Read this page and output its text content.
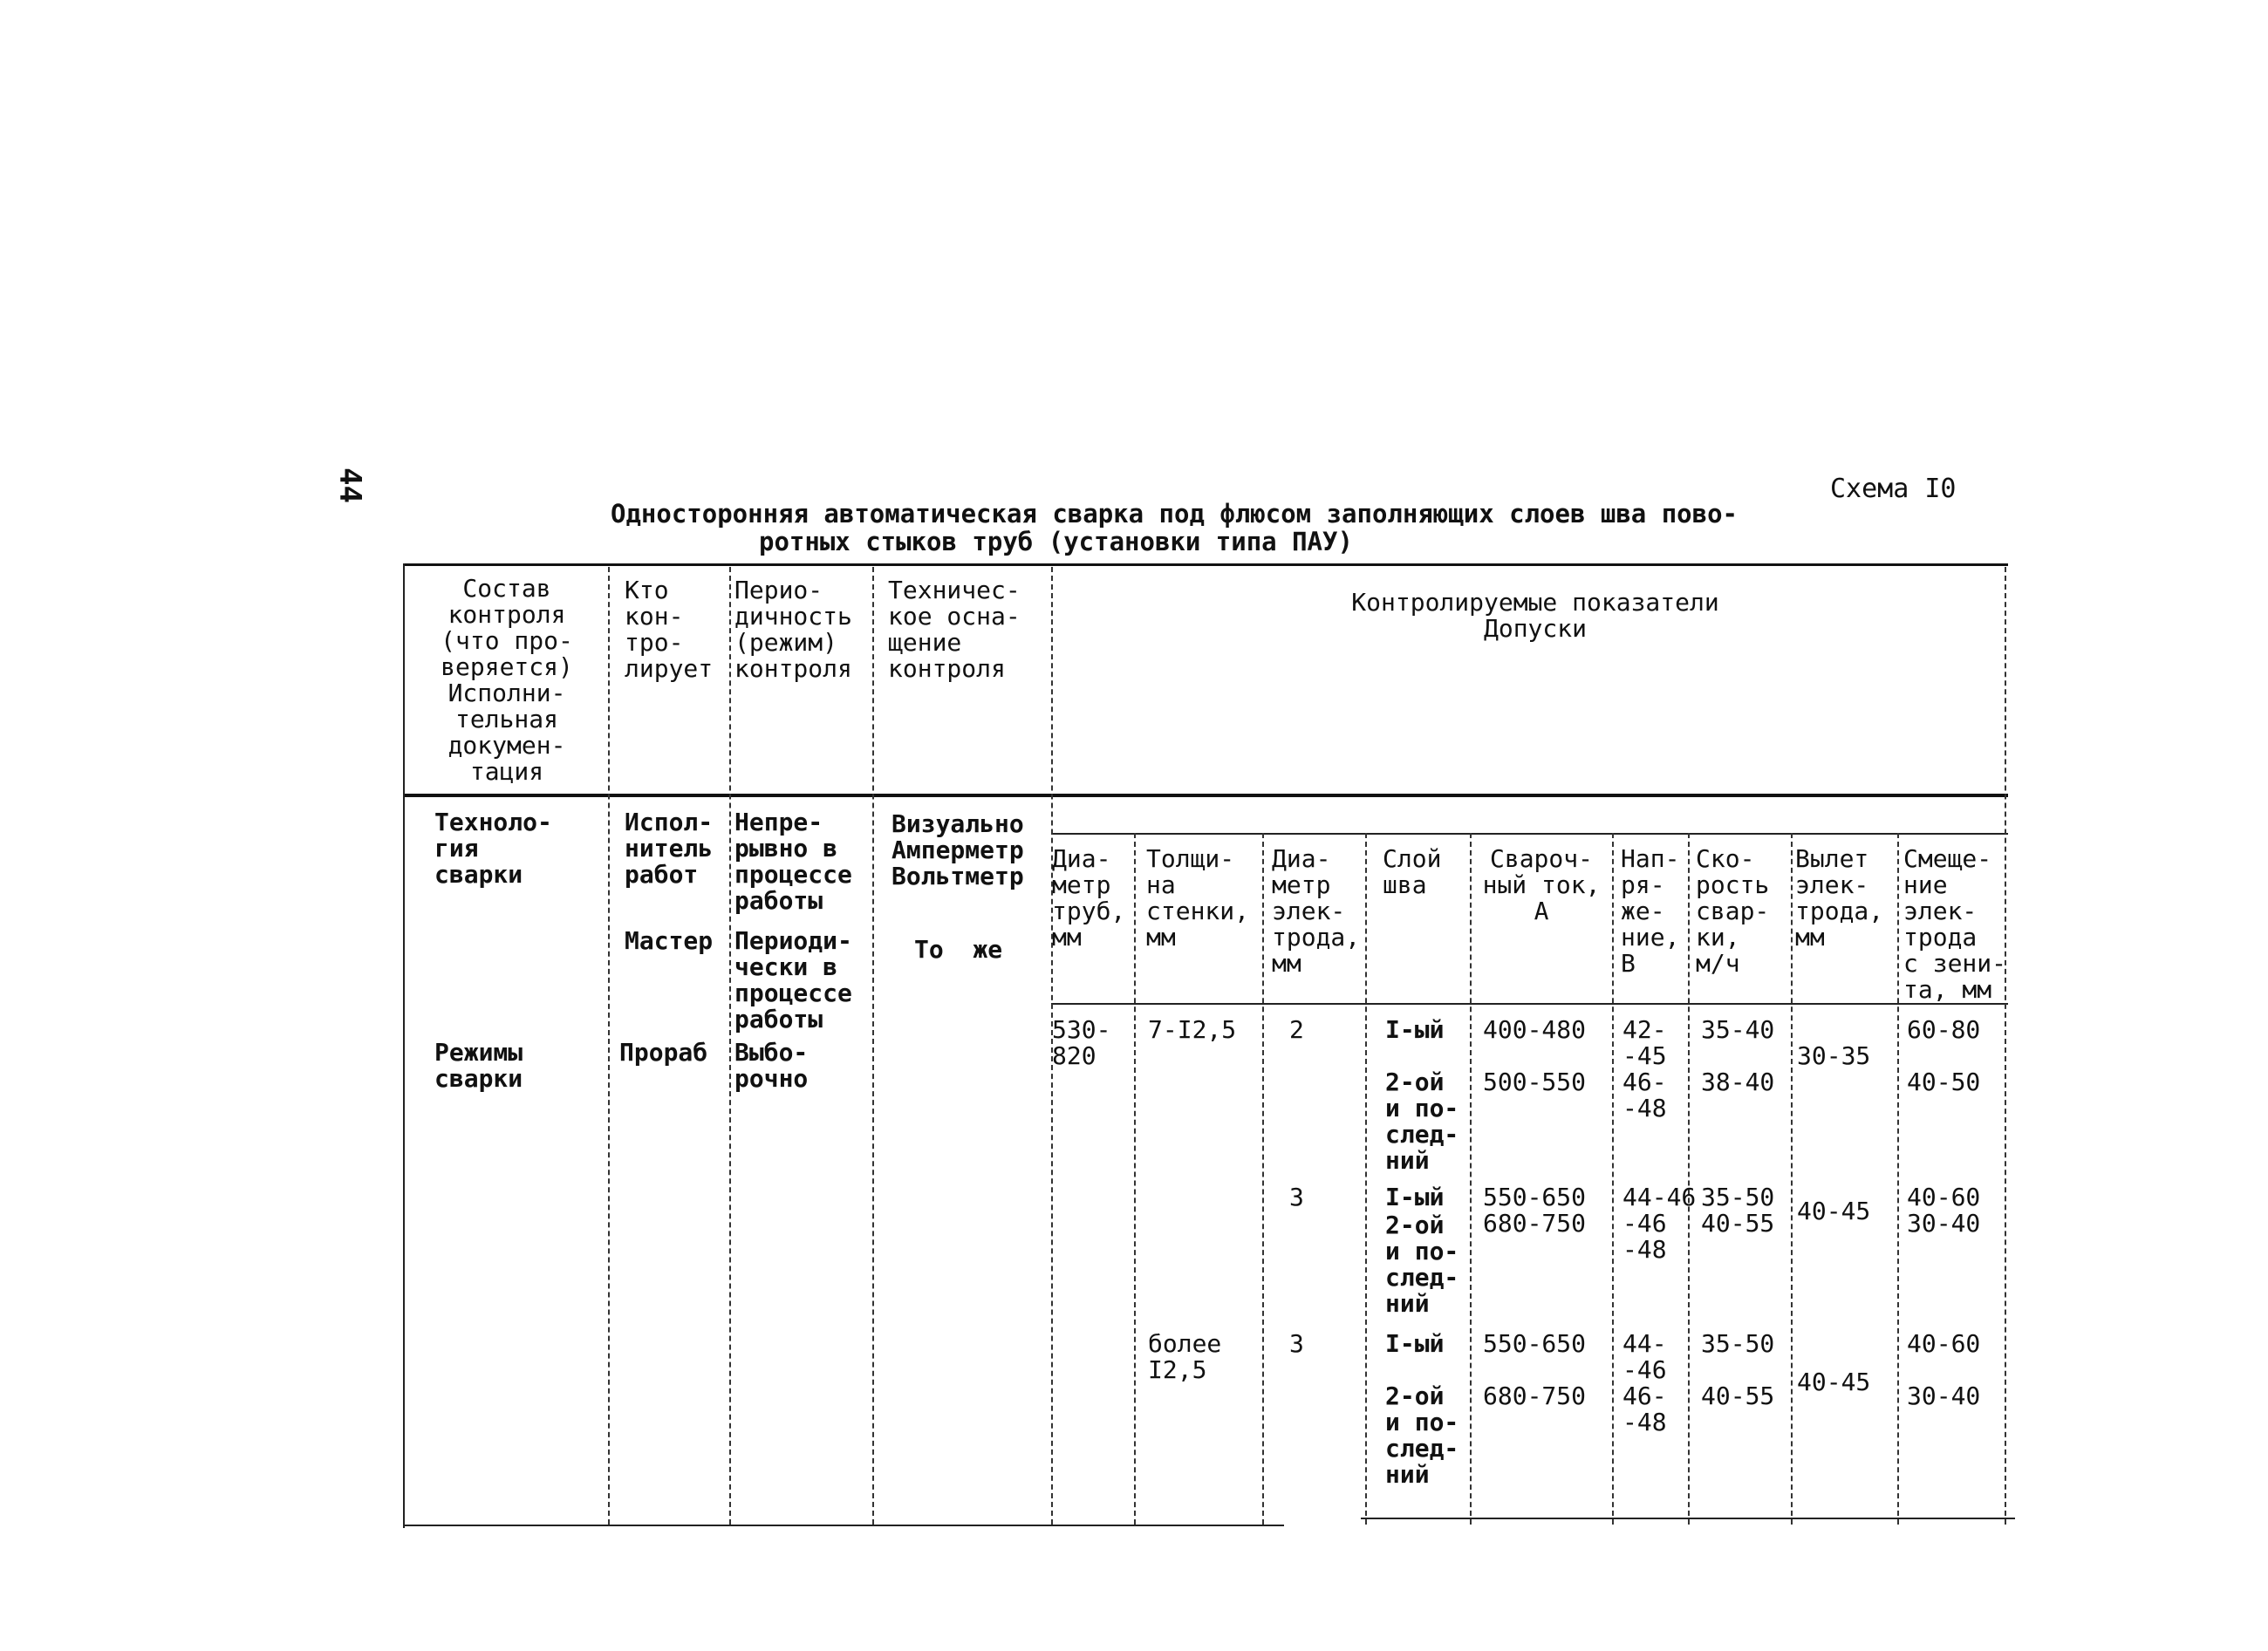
44	Схема I0
Односторонняя автоматическая сварка под флюсом заполняющих слоев шва пово-
ротных стыков труб (установки типа ПАУ)
Состав
контроля
(что про-
веряется)
Исполни-
тельная
докумен-
тация
Кто
кон-
тро-
лирует
Перио-
дичность
(режим)
контроля
Техничес-
кое осна-
щение
контроля
Контролируемые показатели
Допуски
Диа-
метр
труб,
мм
Толщи-
на
стенки,
мм
Диа-
метр
элек-
трода,
мм
Слой
шва
Свароч-
ный ток,
А
Нап-
ря-
же-
ние,
В
Ско-
рость
свар-
ки,
м/ч
Вылет
элек-
трода,
мм
Смеще-
ние
элек-
трода
с зени-
та, мм
Техноло-
гия
сварки
Режимы
сварки
Испол-
нитель
работ
Мастер
Прораб
Непре-
рывно в
процессе
работы
Периоди-
чески в
процессе
работы
Выбо-
рочно
Визуально
Амперметр
Вольтметр
То  же
530-
820
7-I2,5
более
I2,5
2
3
3
I-ый
2-ой
и по-
след-
ний
I-ый
2-ой
и по-
след-
ний
I-ый
2-ой
и по-
след-
ний
400-480
500-550
550-650
680-750
550-650
680-750
42-
-45
46-
-48
44-46
-46
-48
44-
-46
46-
-48
35-40
38-40
35-50
40-55
35-50
40-55
30-35
40-45
40-45
60-80
40-50
40-60
30-40
40-60
30-40
